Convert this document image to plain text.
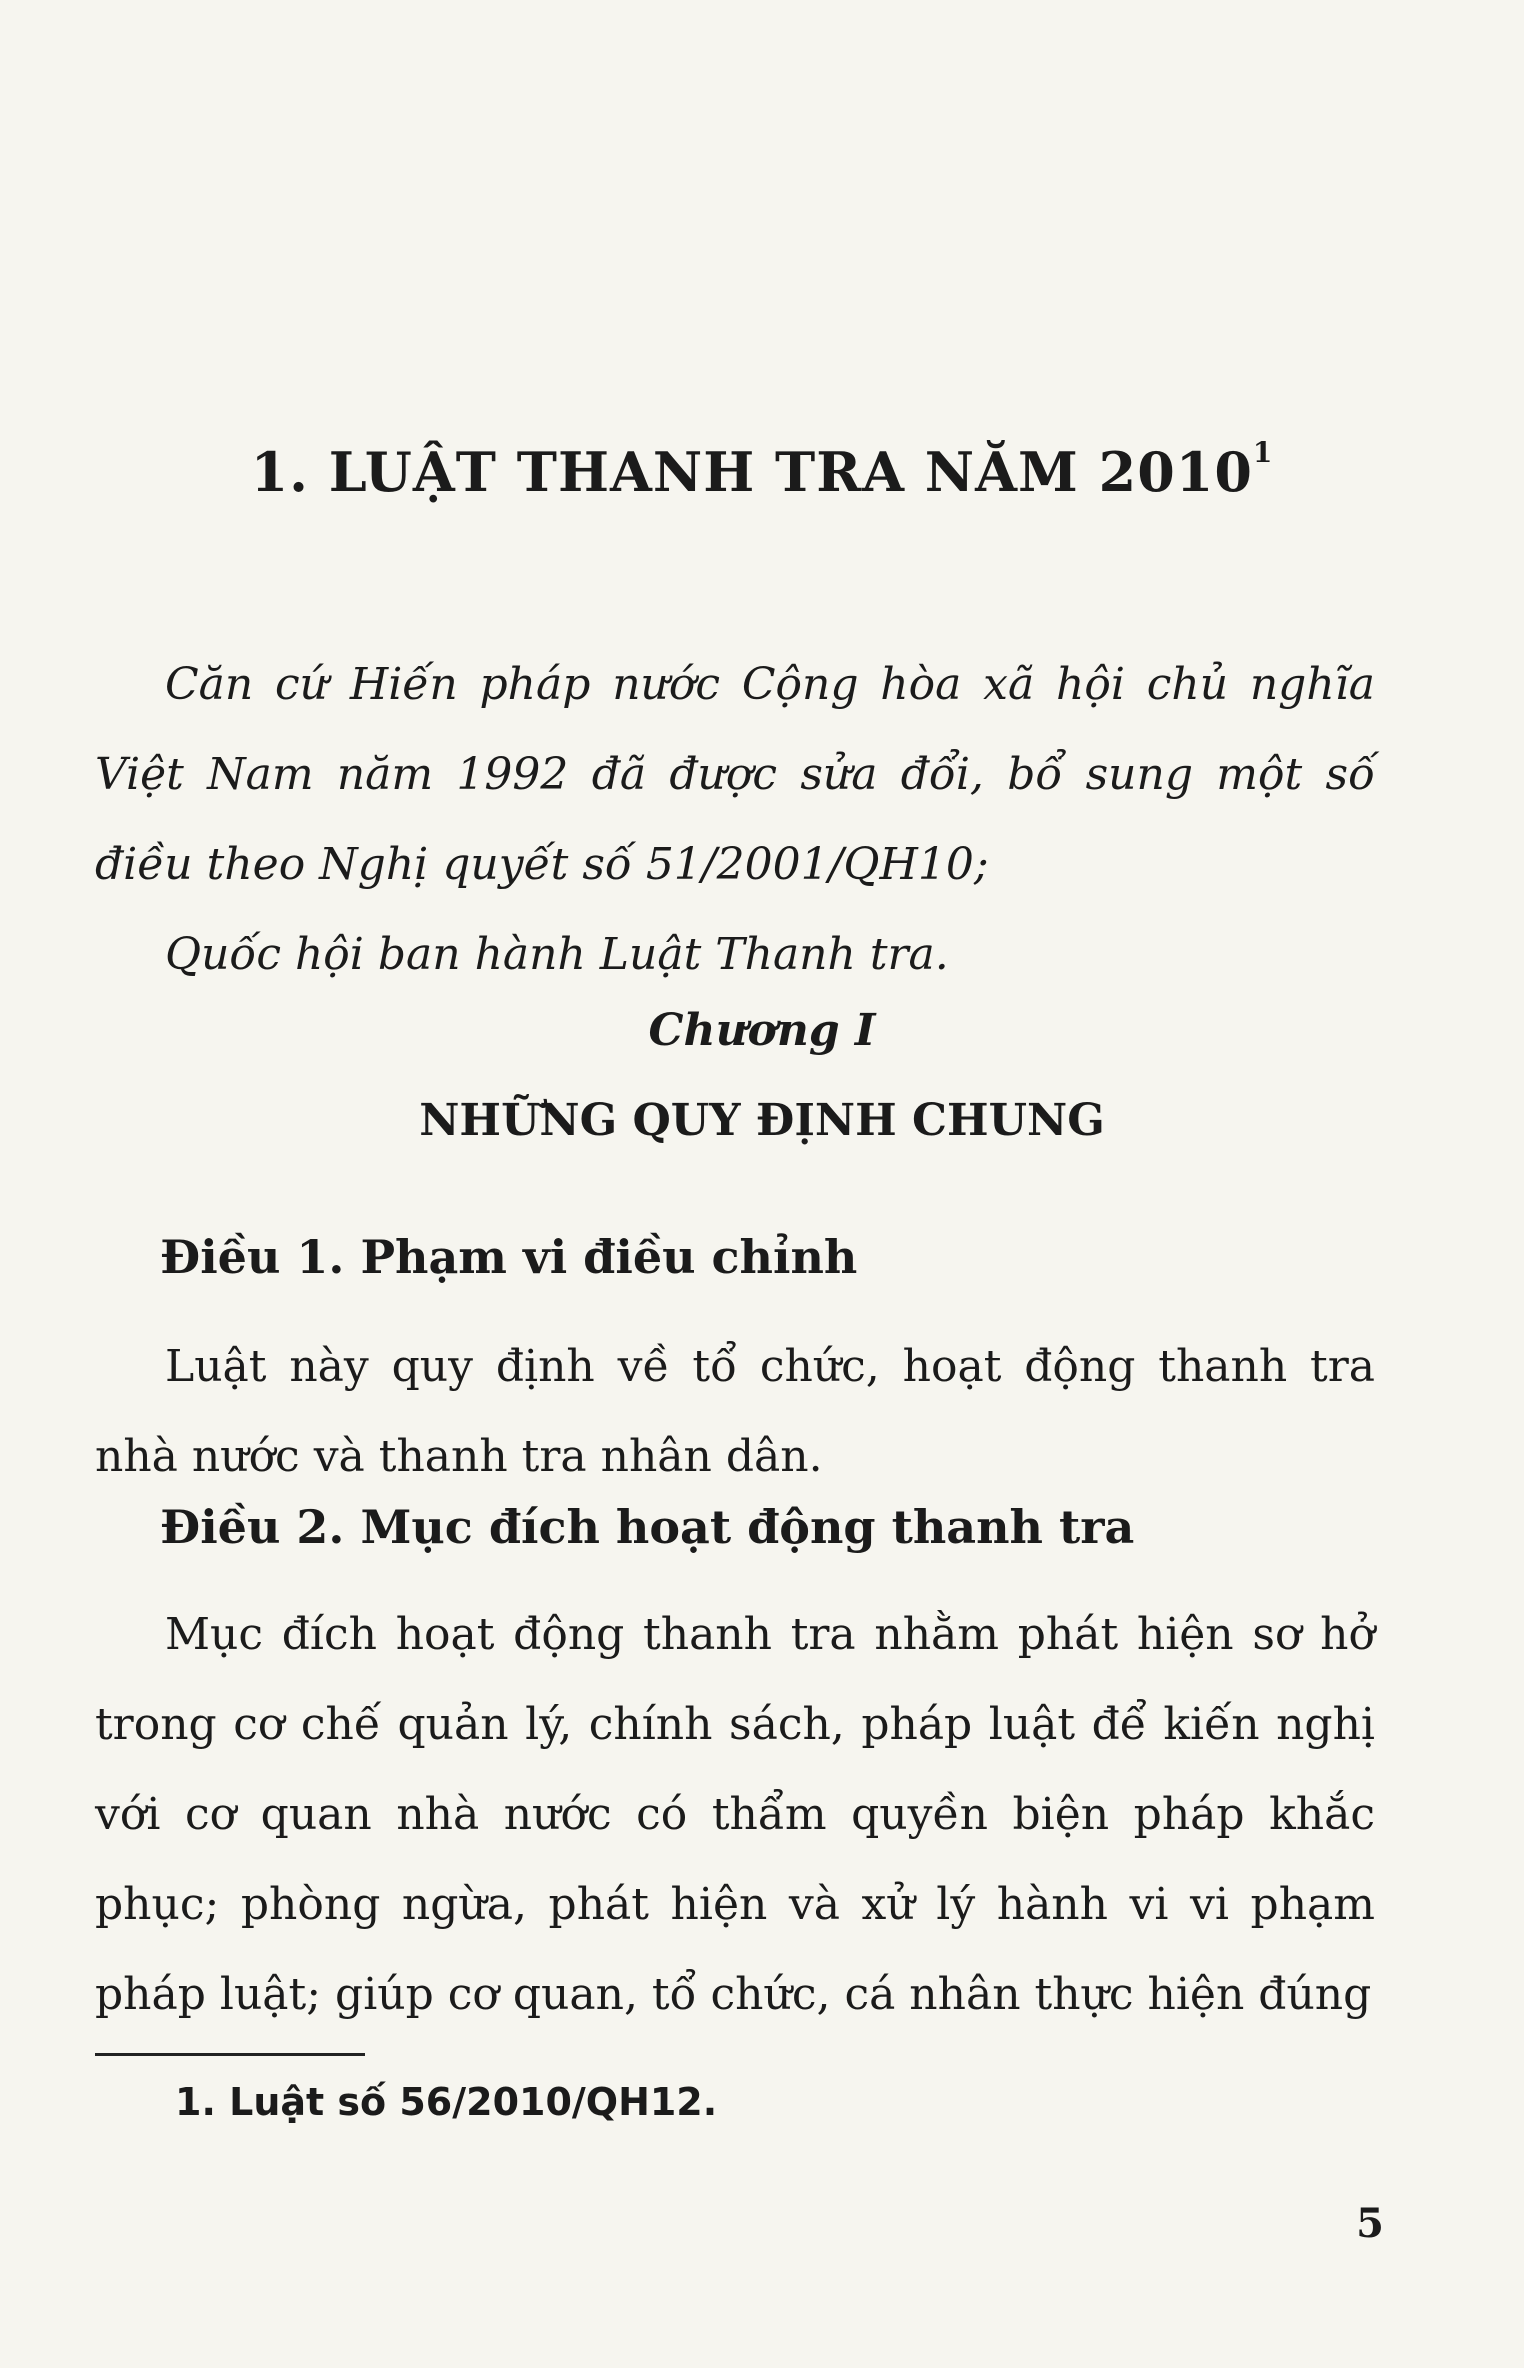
1. LUẬT THANH TRA NĂM 2010$^1$

Căn cứ Hiến pháp nước Cộng hòa xã hội chủ nghĩa Việt Nam năm 1992 đã được sửa đổi, bổ sung một số điều theo Nghị quyết số 51/2001/QH10;

Quốc hội ban hành Luật Thanh tra.

Chương I
NHỮNG QUY ĐỊNH CHUNG
Điều 1. Phạm vi điều chỉnh

Luật này quy định về tổ chức, hoạt động thanh tra nhà nước và thanh tra nhân dân.

Điều 2. Mục đích hoạt động thanh tra

Mục đích hoạt động thanh tra nhằm phát hiện sơ hở trong cơ chế quản lý, chính sách, pháp luật để kiến nghị với cơ quan nhà nước có thẩm quyền biện pháp khắc phục; phòng ngừa, phát hiện và xử lý hành vi vi phạm pháp luật; giúp cơ quan, tổ chức, cá nhân thực hiện đúng

1. Luật số 56/2010/QH12.
5
